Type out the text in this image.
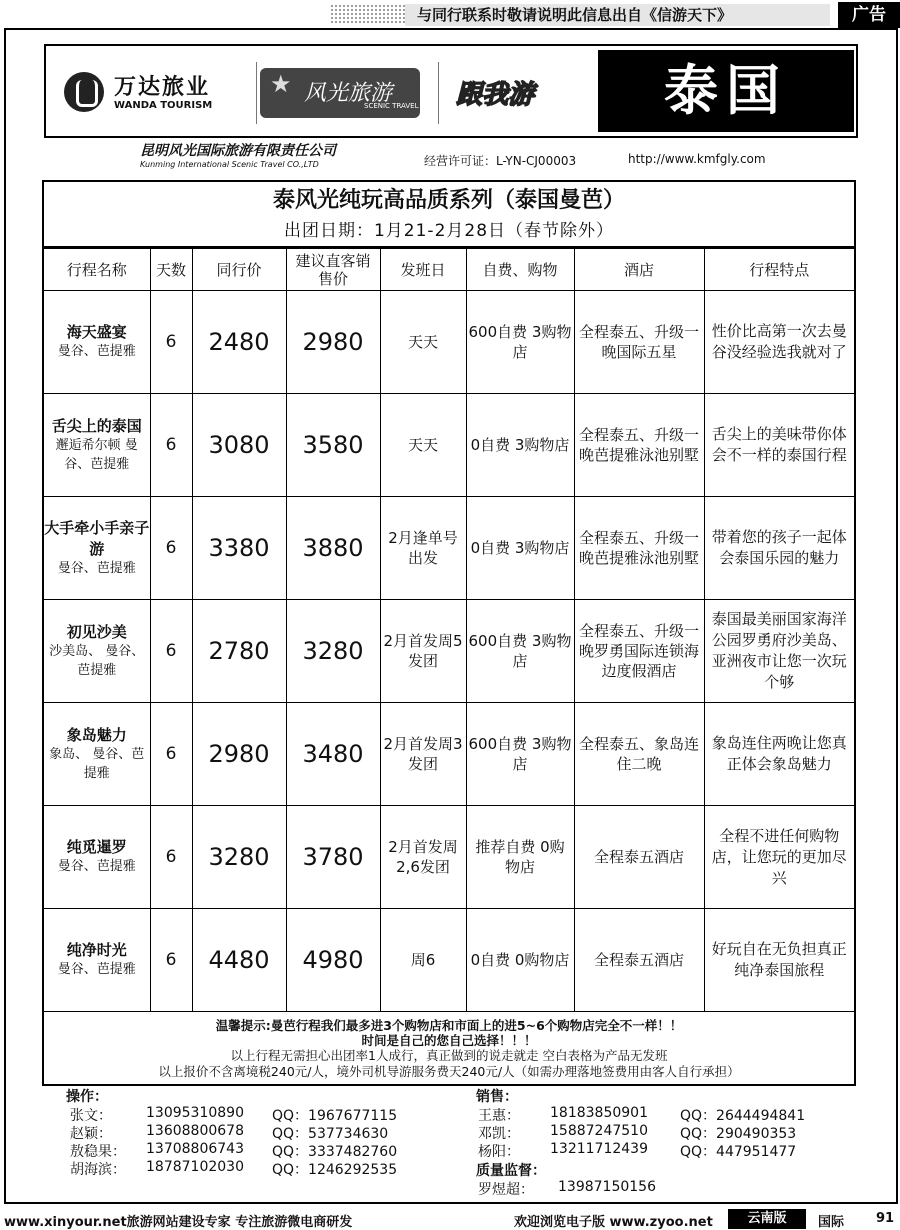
与同行联系时敬请说明此信息出自《信游天下》	广告
万达旅业
WANDA TOURISM
★ 风光旅游
SCENIC TRAVEL 跟我游	泰国
昆明风光国际旅游有限责任公司
Kunming International Scenic Travel CO.,LTD	经营许可证：L-YN-CJ00003	http://www.kmfgly.com
泰风光纯玩高品质系列（泰国曼芭）
出团日期：1月21-2月28日（春节除外）
行程名称	天数	同行价	建议直客销售价	发班日	自费、购物	酒店	行程特点

海天盛宴
曼谷、芭提雅	6	2480	2980	天天	600自费 3购物店	全程泰五、升级一晚国际五星	性价比高第一次去曼谷没经验选我就对了

舌尖上的泰国
邂逅希尔顿 曼谷、芭提雅	6	3080	3580	天天	0自费 3购物店	全程泰五、升级一晚芭提雅泳池别墅	舌尖上的美味带你体会不一样的泰国行程

大手牵小手亲子游
曼谷、芭提雅	6	3380	3880	2月逢单号出发	0自费 3购物店	全程泰五、升级一晚芭提雅泳池别墅	带着您的孩子一起体会泰国乐园的魅力

初见沙美
沙美岛、 曼谷、芭提雅	6	2780	3280	2月首发周5发团	600自费 3购物店	全程泰五、升级一晚罗勇国际连锁海边度假酒店	泰国最美丽国家海洋公园罗勇府沙美岛、亚洲夜市让您一次玩个够

象岛魅力
象岛、 曼谷、芭提雅	6	2980	3480	2月首发周3发团	600自费 3购物店	全程泰五、象岛连住二晚	象岛连住两晚让您真正体会象岛魅力

纯觅暹罗
曼谷、芭提雅	6	3280	3780	2月首发周2,6发团	推荐自费 0购物店	全程泰五酒店	全程不进任何购物店，让您玩的更加尽兴

纯净时光
曼谷、芭提雅	6	4480	4980	周6	0自费 0购物店	全程泰五酒店	好玩自在无负担真正纯净泰国旅程
温馨提示:曼芭行程我们最多进3个购物店和市面上的进5~6个购物店完全不一样！！
时间是自己的您自己选择！！！
以上行程无需担心出团率1人成行，真正做到的说走就走 空白表格为产品无发班
以上报价不含离境税240元/人，境外司机导游服务费天240元/人（如需办理落地签费用由客人自行承担）
操作：
张文： 13095310890 QQ：1967677115
赵颖： 13608800678 QQ：537734630
敖稳果： 13708806743 QQ：3337482760
胡海滨： 18787102030 QQ：1246292535
销售：
王惠： 18183850901 QQ：2644494841
邓凯： 15887247510 QQ：290490353
杨阳： 13211712439 QQ：447951477
质量监督：
罗煜超： 13987150156
www.xinyour.net旅游网站建设专家 专注旅游微电商研发	欢迎浏览电子版 www.zyoo.net	云南版	国际 91
